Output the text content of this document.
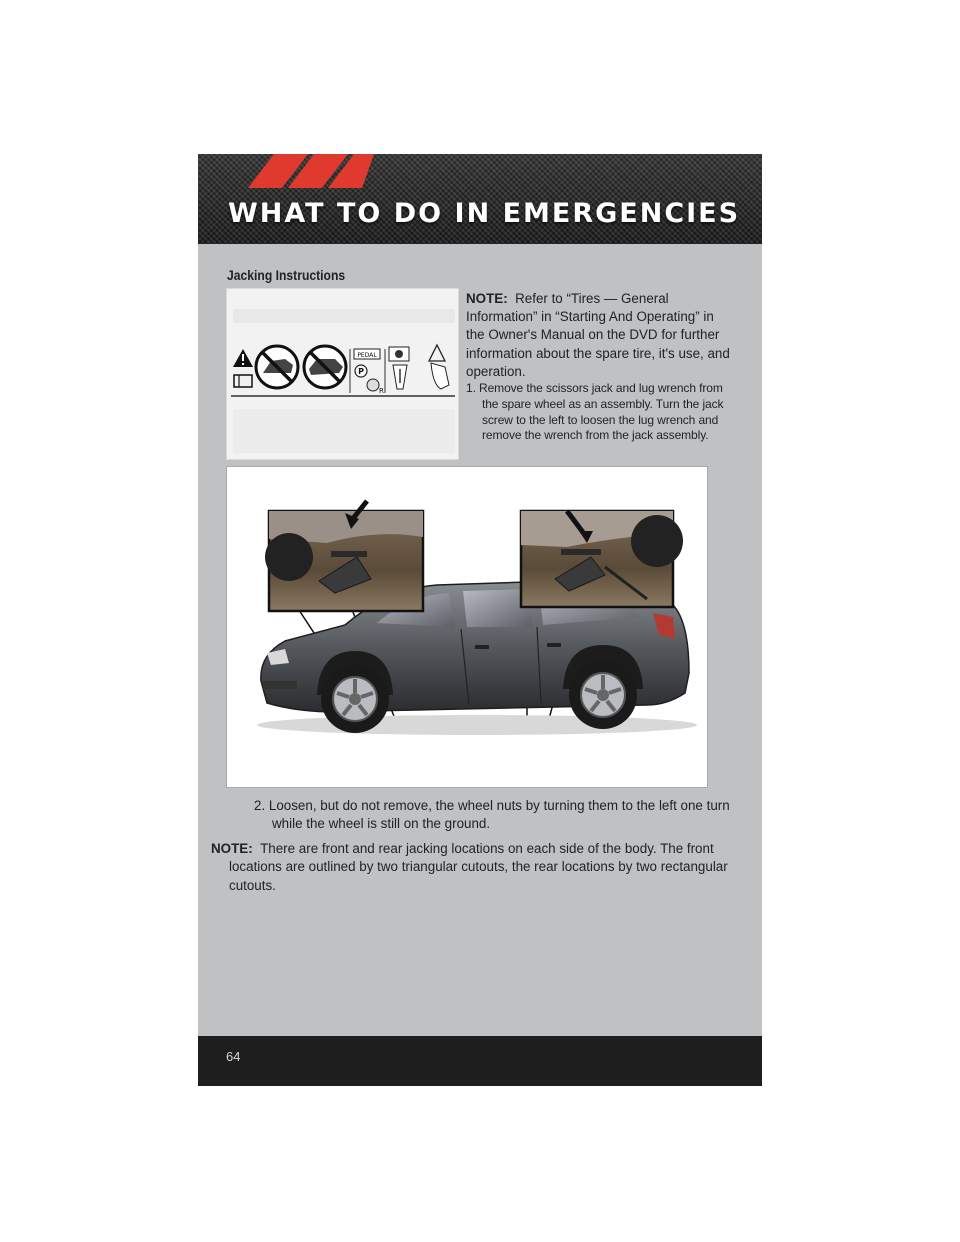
WHAT TO DO IN EMERGENCIES
Jacking Instructions
PEDAL
P
R

NOTE: Refer to “Tires — General Information” in “Starting And Operating” in the Owner's Manual on the DVD for further information about the spare tire, it's use, and operation.

1. Remove the scissors jack and lug wrench from the spare wheel as an assembly. Turn the jack screw to the left to loosen the lug wrench and remove the wrench from the jack assembly.

2. Loosen, but do not remove, the wheel nuts by turning them to the left one turn while the wheel is still on the ground.

NOTE: There are front and rear jacking locations on each side of the body. The front locations are outlined by two triangular cutouts, the rear locations by two rectangular cutouts.

64
